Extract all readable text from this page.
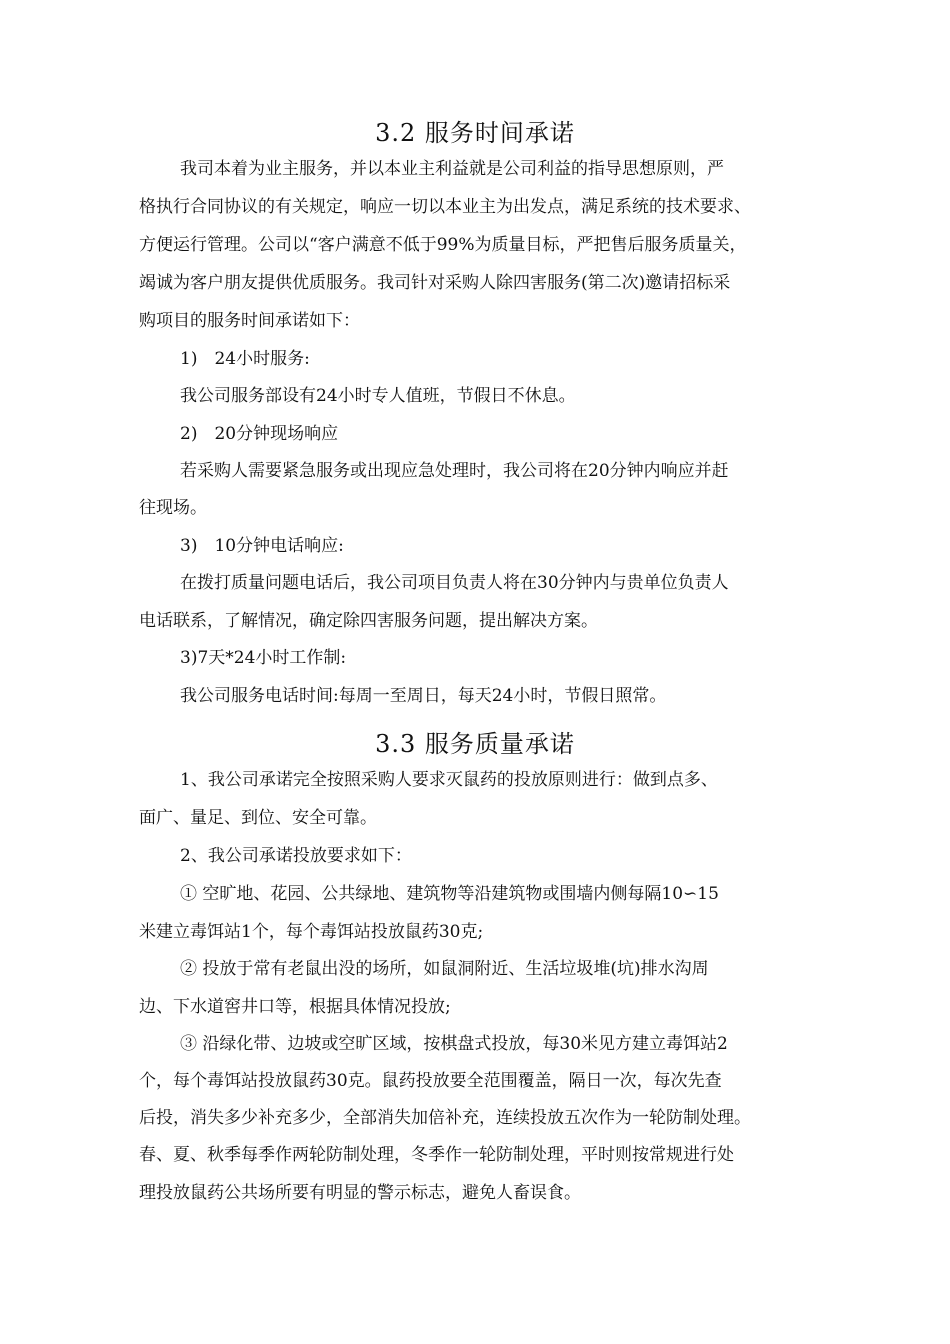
3.2 服务时间承诺
我司本着为业主服务，并以本业主利益就是公司利益的指导思想原则，严
格执行合同协议的有关规定，响应一切以本业主为出发点，满足系统的技术要求、
方便运行管理。公司以“客户满意不低于99%为质量目标，严把售后服务质量关，
竭诚为客户朋友提供优质服务。我司针对采购人除四害服务(第二次)邀请招标采
购项目的服务时间承诺如下：
1)　24小时服务:
我公司服务部设有24小时专人值班，节假日不休息。
2)　20分钟现场响应
若采购人需要紧急服务或出现应急处理时，我公司将在20分钟内响应并赶
往现场。
3)　10分钟电话响应:
在拨打质量问题电话后，我公司项目负责人将在30分钟内与贵单位负责人
电话联系，了解情况，确定除四害服务问题，提出解决方案。
3)7天*24小时工作制:
我公司服务电话时间:每周一至周日，每天24小时，节假日照常。
3.3 服务质量承诺
1、我公司承诺完全按照采购人要求灭鼠药的投放原则进行：做到点多、
面广、量足、到位、安全可靠。
2、我公司承诺投放要求如下：
① 空旷地、花园、公共绿地、建筑物等沿建筑物或围墙内侧每隔10∽15
米建立毒饵站1个，每个毒饵站投放鼠药30克;
② 投放于常有老鼠出没的场所，如鼠洞附近、生活垃圾堆(坑)排水沟周
边、下水道窖井口等，根据具体情况投放;
③ 沿绿化带、边坡或空旷区域，按棋盘式投放，每30米见方建立毒饵站2
个，每个毒饵站投放鼠药30克。鼠药投放要全范围覆盖，隔日一次，每次先查
后投，消失多少补充多少，全部消失加倍补充，连续投放五次作为一轮防制处理。
春、夏、秋季每季作两轮防制处理，冬季作一轮防制处理，平时则按常规进行处
理投放鼠药公共场所要有明显的警示标志，避免人畜误食。
